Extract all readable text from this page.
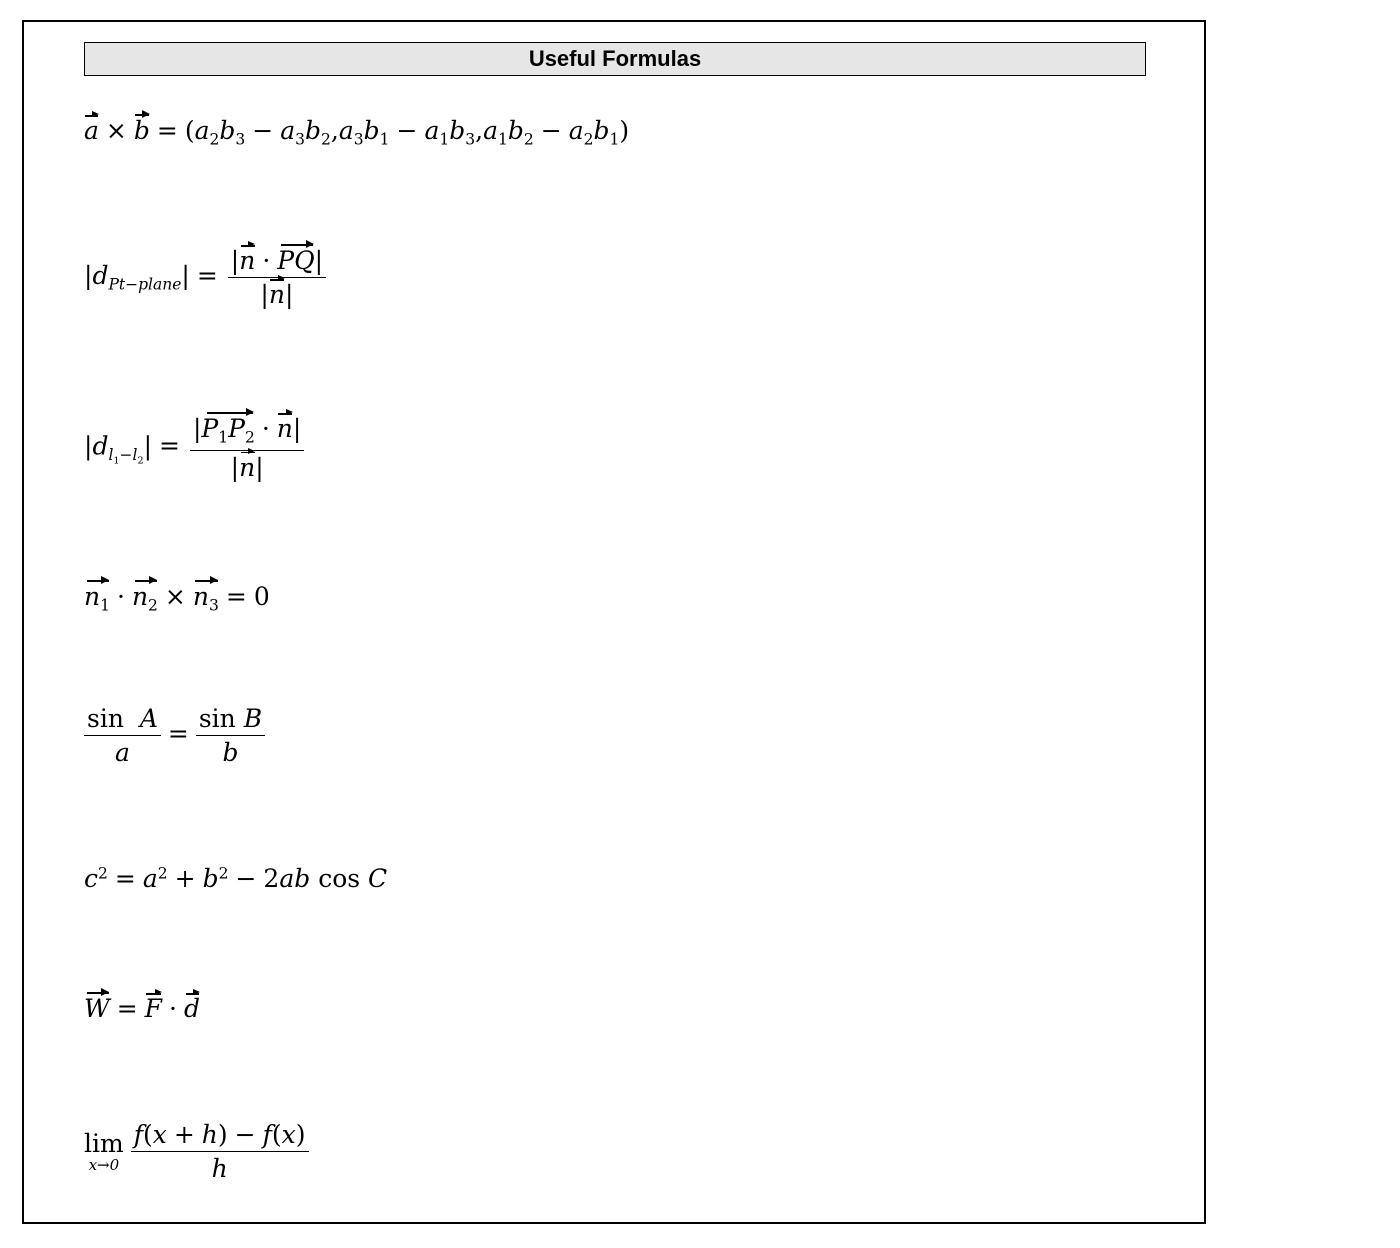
Useful Formulas
$a \times b = (a_2b_3 - a_3b_2,a_3b_1 - a_1b_3,a_1b_2 - a_2b_1)$
$|d_{Pt-plane}| = \frac{|n \cdot PQ|}{|n|}$
$|d_{l_1-l_2}| = \frac{|P_1P_2 \cdot n|}{|n|}$
$n_1 \cdot n_2 \times n_3 = 0$
$\frac{\text{sin  A}}{a} = \frac{\text{sin B}}{b}$
$c^2 = a^2 + b^2 - 2ab$ cos C
W = F · d
lim
$x\to 0 \frac{f(x + h) - f(x)}{h}$
